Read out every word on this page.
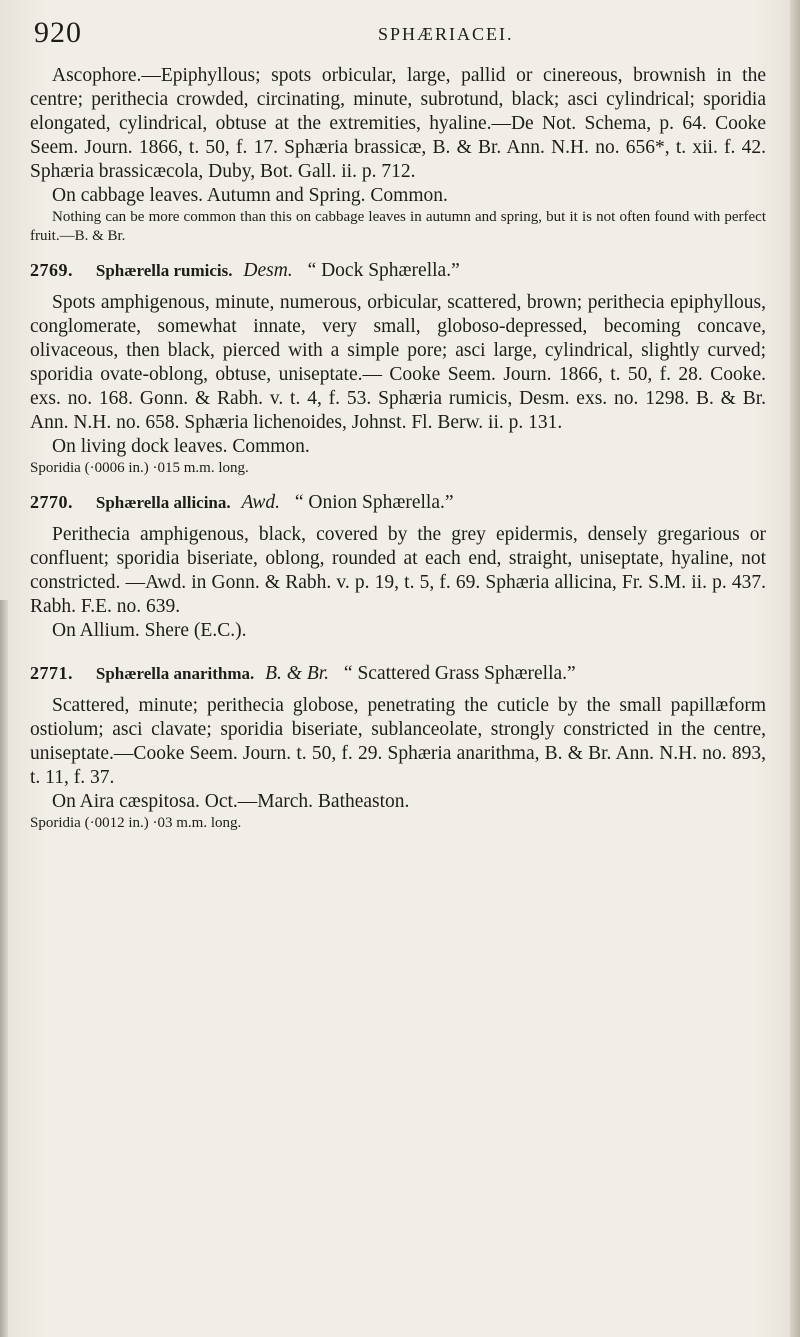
920	SPHÆRIACEI.

Ascophore.—Epiphyllous; spots orbicular, large, pallid or cinereous, brownish in the centre; perithecia crowded, circinating, minute, subrotund, black; asci cylindrical; sporidia elongated, cylindrical, obtuse at the extremities, hyaline.—De Not. Schema, p. 64. Cooke Seem. Journ. 1866, t. 50, f. 17. Sphæria brassicæ, B. & Br. Ann. N.H. no. 656*, t. xii. f. 42. Sphæria brassicæcola, Duby, Bot. Gall. ii. p. 712.

On cabbage leaves. Autumn and Spring. Common.

Nothing can be more common than this on cabbage leaves in autumn and spring, but it is not often found with perfect fruit.—B. & Br.

2769. Sphærella rumicis. Desm. “ Dock Sphærella.”

Spots amphigenous, minute, numerous, orbicular, scattered, brown; perithecia epiphyllous, conglomerate, somewhat innate, very small, globoso-depressed, becoming concave, olivaceous, then black, pierced with a simple pore; asci large, cylindrical, slightly curved; sporidia ovate-oblong, obtuse, uniseptate.— Cooke Seem. Journ. 1866, t. 50, f. 28. Cooke. exs. no. 168. Gonn. & Rabh. v. t. 4, f. 53. Sphæria rumicis, Desm. exs. no. 1298. B. & Br. Ann. N.H. no. 658. Sphæria lichenoides, Johnst. Fl. Berw. ii. p. 131.

On living dock leaves. Common.

Sporidia (·0006 in.) ·015 m.m. long.

2770. Sphærella allicina. Awd. “ Onion Sphærella.”

Perithecia amphigenous, black, covered by the grey epidermis, densely gregarious or confluent; sporidia biseriate, oblong, rounded at each end, straight, uniseptate, hyaline, not constricted. —Awd. in Gonn. & Rabh. v. p. 19, t. 5, f. 69. Sphæria allicina, Fr. S.M. ii. p. 437. Rabh. F.E. no. 639.

On Allium. Shere (E.C.).

2771. Sphærella anarithma. B. & Br. “ Scattered Grass Sphærella.”

Scattered, minute; perithecia globose, penetrating the cuticle by the small papillæform ostiolum; asci clavate; sporidia biseriate, sublanceolate, strongly constricted in the centre, uniseptate.—Cooke Seem. Journ. t. 50, f. 29. Sphæria anarithma, B. & Br. Ann. N.H. no. 893, t. 11, f. 37.

On Aira cæspitosa. Oct.—March. Batheaston.

Sporidia (·0012 in.) ·03 m.m. long.
